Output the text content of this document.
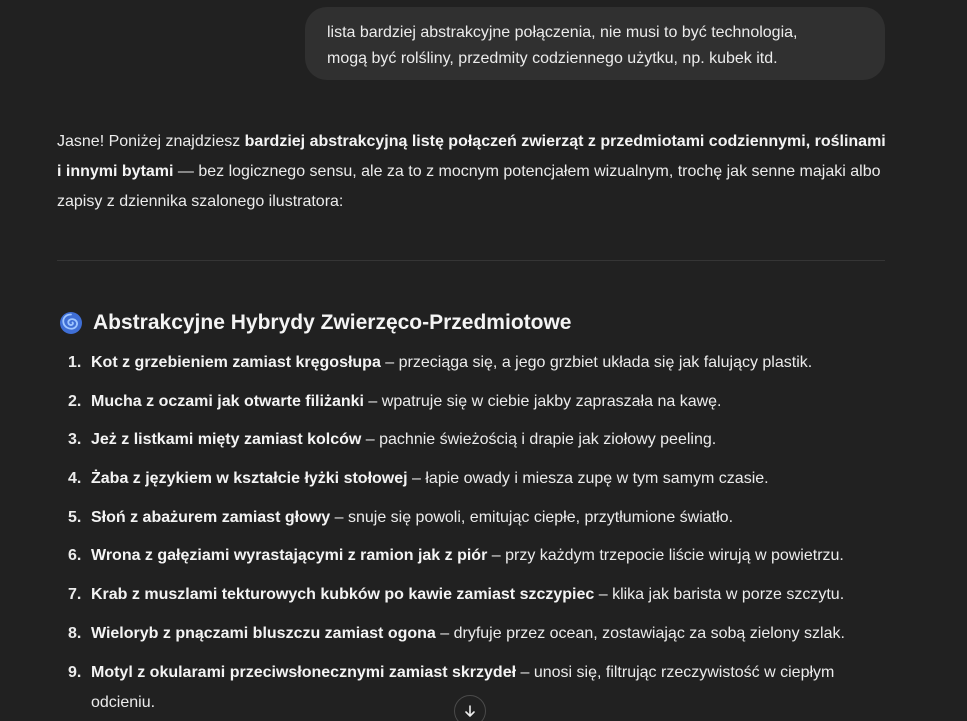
lista bardziej abstrakcyjne połączenia, nie musi to być technologia,
mogą być rolśliny, przedmity codziennego użytku, np. kubek itd.
Jasne! Poniżej znajdziesz bardziej abstrakcyjną listę połączeń zwierząt z przedmiotami codziennymi, roślinami i innymi bytami — bez logicznego sensu, ale za to z mocnym potencjałem wizualnym, trochę jak senne majaki albo zapisy z dziennika szalonego ilustratora:
Abstrakcyjne Hybrydy Zwierzęco-Przedmiotowe
1. Kot z grzebieniem zamiast kręgosłupa – przeciąga się, a jego grzbiet układa się jak falujący plastik.
2. Mucha z oczami jak otwarte filiżanki – wpatruje się w ciebie jakby zapraszała na kawę.
3. Jeż z listkami mięty zamiast kolców – pachnie świeżością i drapie jak ziołowy peeling.
4. Żaba z językiem w kształcie łyżki stołowej – łapie owady i miesza zupę w tym samym czasie.
5. Słoń z abażurem zamiast głowy – snuje się powoli, emitując ciepłe, przytłumione światło.
6. Wrona z gałęziami wyrastającymi z ramion jak z piór – przy każdym trzepocie liście wirują w powietrzu.
7. Krab z muszlami tekturowych kubków po kawie zamiast szczypiec – klika jak barista w porze szczytu.
8. Wieloryb z pnączami bluszczu zamiast ogona – dryfuje przez ocean, zostawiając za sobą zielony szlak.
9. Motyl z okularami przeciwsłonecznymi zamiast skrzydeł – unosi się, filtrując rzeczywistość w ciepłym odcieniu.
